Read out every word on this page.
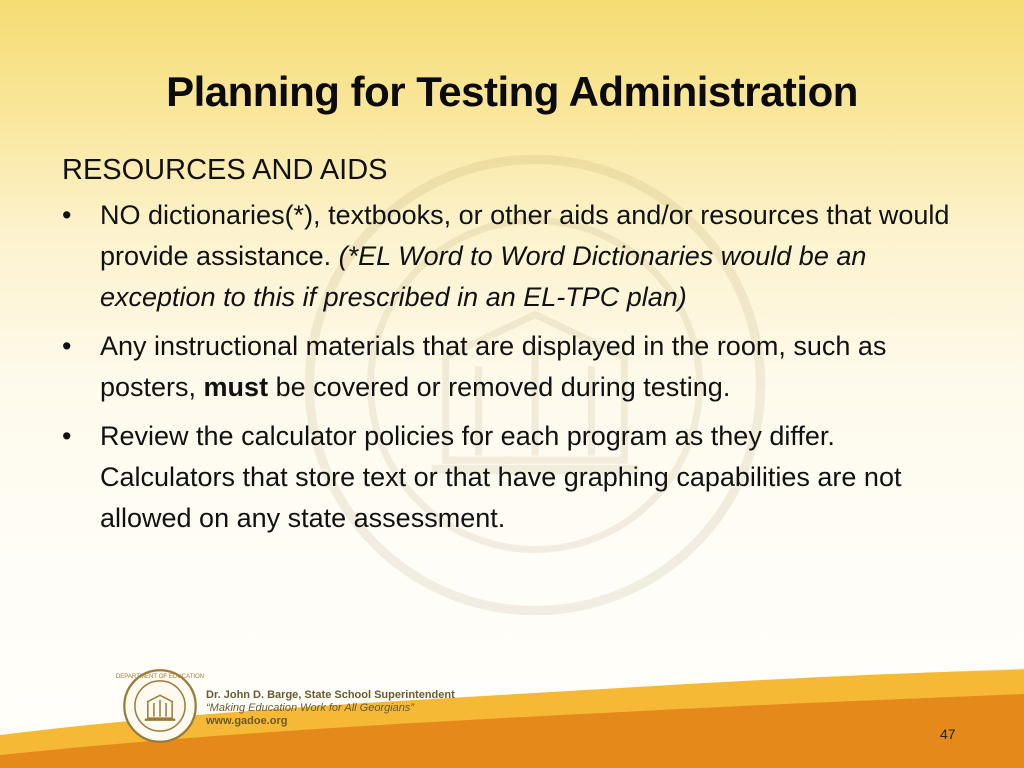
Planning for Testing Administration
RESOURCES AND AIDS
• NO dictionaries(*), textbooks, or other aids and/or resources that would provide assistance. (*EL Word to Word Dictionaries would be an exception to this if prescribed in an EL-TPC plan)
• Any instructional materials that are displayed in the room, such as posters, must be covered or removed during testing.
• Review the calculator policies for each program as they differ. Calculators that store text or that have graphing capabilities are not allowed on any state assessment.
DEPARTMENT OF EDUCATION
Dr. John D. Barge, State School Superintendent
“Making Education Work for All Georgians”
www.gadoe.org
47
